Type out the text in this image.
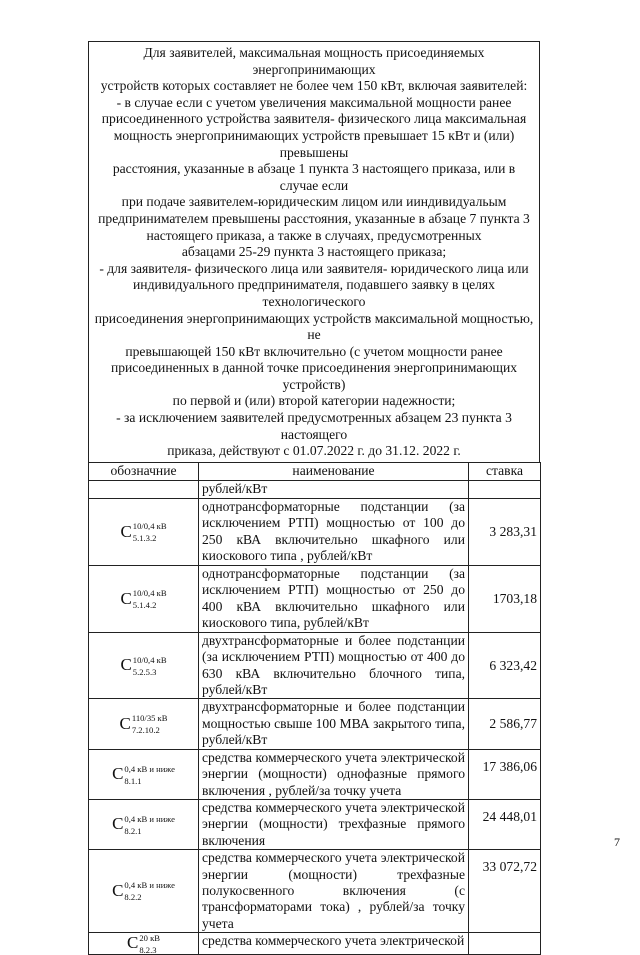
Для заявителей, максимальная мощность присоединяемых энергопринимающих
устройств которых составляет не более чем 150 кВт, включая заявителей:
- в случае если с учетом увеличения максимальной мощности ранее
присоединенного устройства заявителя- физического лица максимальная
мощность энергопринимающих устройств превышает 15 кВт и (или) превышены
расстояния, указанные в абзаце 1 пункта 3 настоящего приказа, или в случае если
при подаче заявителем-юридическим лицом или ииндивидуальым
предпринимателем превышены расстояния, указанные в абзаце 7 пункта 3
настоящего приказа, а также в случаях, предусмотренных
абзацами 25-29 пункта 3 настоящего приказа;
- для заявителя- физического лица или заявителя- юридического лица или
индивидуального предпринимателя, подавшего заявку в целях технологического
присоединения энергопринимающих устройств максимальной мощностью, не
превышающей 150 кВт включительно (с учетом мощности ранее
присоединенных в данной точке присоединения энергопринимающих устройств)
по первой и (или) второй категории надежности;
- за исключением заявителей предусмотренных абзацем 23 пункта 3 настоящего
приказа, действуют с 01.07.2022 г. до 31.12. 2022 г.
обозначние	наименование	ставка
	рублей/кВт	
C 10/0,4 кВ
5.1.3.2	однотрансформаторные подстанции (за исключением РТП) мощностью от 100 до 250 кВА включительно шкафного или киоскового типа , рублей/кВт	3 283,31
C 10/0,4 кВ
5.1.4.2	однотрансформаторные подстанции (за исключением РТП) мощностью от 250 до 400 кВА включительно шкафного или киоскового типа, рублей/кВт	1703,18
C 10/0,4 кВ
5.2.5.3	двухтрансформаторные и более подстанции (за исключением РТП) мощностью от 400 до 630 кВА включительно блочного типа, рублей/кВт	6 323,42
C 110/35 кВ
7.2.10.2	двухтрансформаторные и более подстанции мощностью свыше 100 МВА закрытого типа, рублей/кВт	2 586,77
C 0,4 кВ и ниже
8.1.1	средства коммерческого учета электрической энергии (мощности) однофазные прямого включения , рублей/за точку учета	17 386,06
C 0,4 кВ и ниже
8.2.1	средства коммерческого учета электрической энергии (мощности) трехфазные прямого включения	24 448,01
C 0,4 кВ и ниже
8.2.2	средства коммерческого учета электрической энергии (мощности) трехфазные полукосвенного включения (с трансформаторами тока) , рублей/за точку учета	33 072,72
C 20 кВ
8.2.3	средства коммерческого учета электрической	
7
